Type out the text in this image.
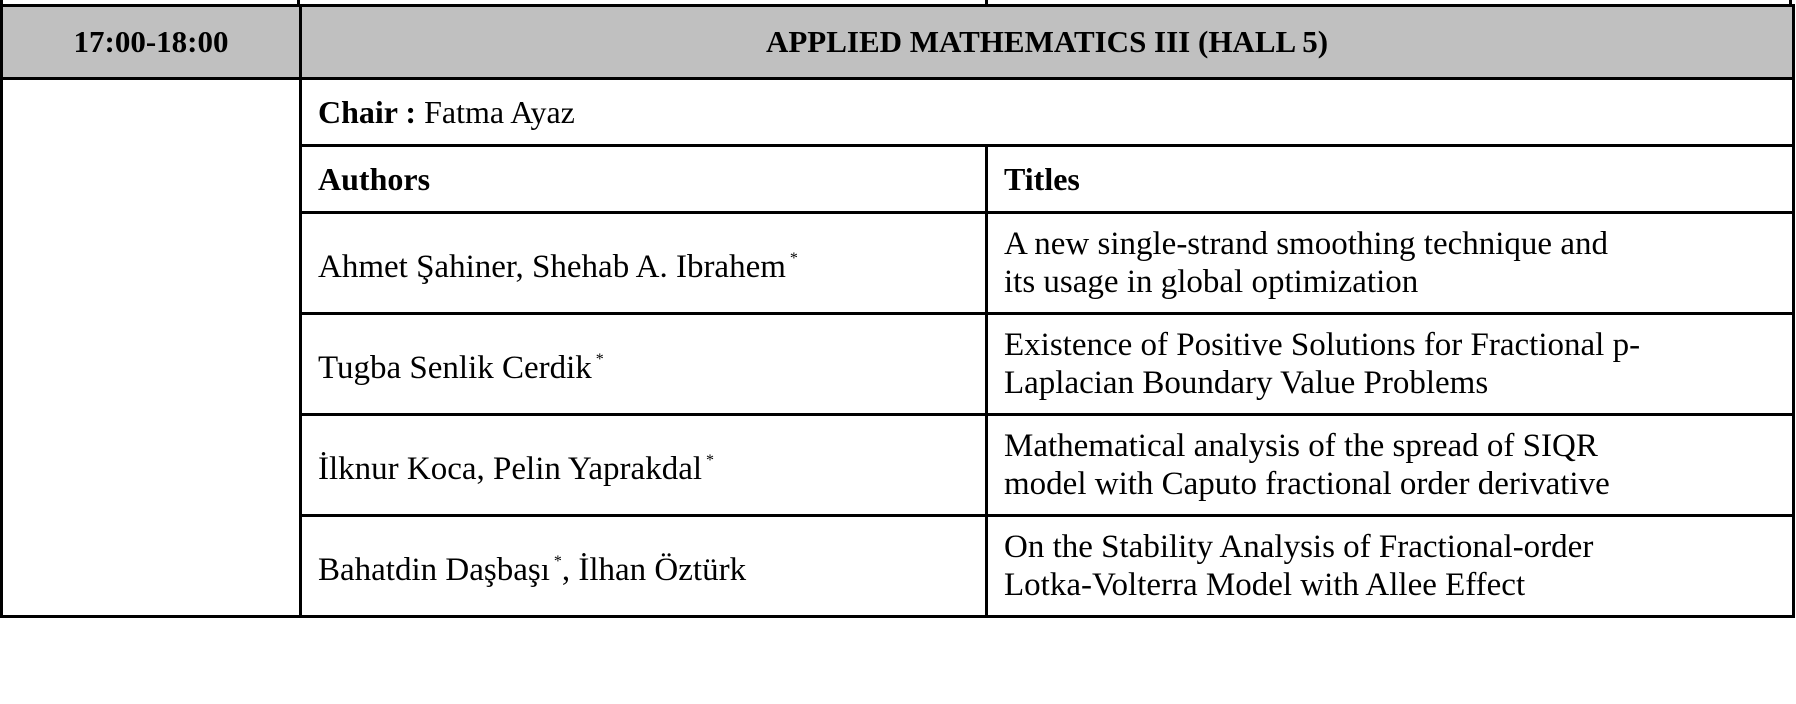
17:00-18:00	APPLIED MATHEMATICS III (HALL 5)	
	Chair : Fatma Ayaz	
	Authors	Titles
	Ahmet Şahiner, Shehab A. Ibrahem *	A new single-strand smoothing technique and
its usage in global optimization
	Tugba Senlik Cerdik *	Existence of Positive Solutions for Fractional p-
Laplacian Boundary Value Problems
	İlknur Koca, Pelin Yaprakdal *	Mathematical analysis of the spread of SIQR
model with Caputo fractional order derivative
	Bahatdin Daşbaşı *, İlhan Öztürk	On the Stability Analysis of Fractional-order
Lotka-Volterra Model with Allee Effect
